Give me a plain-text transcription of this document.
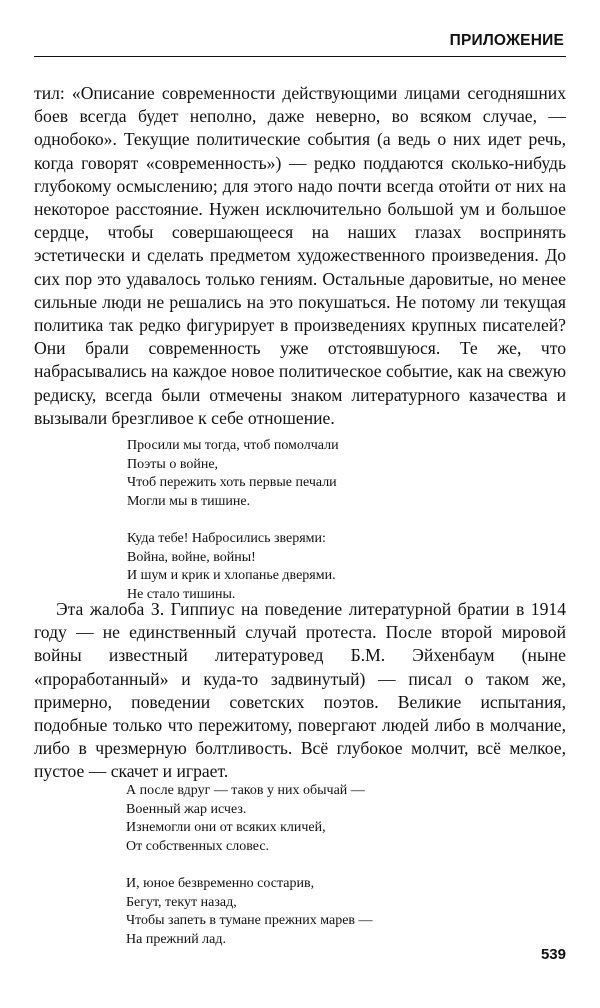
ПРИЛОЖЕНИЕ

тил: «Описание современности действующими лицами сегодняшних боев всегда будет неполно, даже неверно, во всяком случае, — однобоко». Текущие политические события (а ведь о них идет речь, когда говорят «современность») — редко поддаются сколько-нибудь глубокому осмыслению; для этого надо почти всегда отойти от них на некоторое расстояние. Нужен исключительно большой ум и большое сердце, чтобы совершающееся на наших глазах воспринять эстетически и сделать предметом художественного произведения. До сих пор это удавалось только гениям. Остальные даровитые, но менее сильные люди не решались на это покушаться. Не потому ли текущая политика так редко фигурирует в произведениях крупных писателей? Они брали современность уже отстоявшуюся. Те же, что набрасывались на каждое новое политическое событие, как на свежую редиску, всегда были отмечены знаком литературного казачества и вызывали брезгливое к себе отношение.

Просили мы тогда, чтоб помолчали
Поэты о войне,
Чтоб пережить хоть первые печали
Могли мы в тишине.
Куда тебе! Набросились зверями:
Война, войне, войны!
И шум и крик и хлопанье дверями.
Не стало тишины.

Эта жалоба З. Гиппиус на поведение литературной братии в 1914 году — не единственный случай протеста. После второй мировой войны известный литературовед Б.М. Эйхенбаум (ныне «проработанный» и куда-то задвинутый) — писал о таком же, примерно, поведении советских поэтов. Великие испытания, подобные только что пережитому, повергают людей либо в молчание, либо в чрезмерную болтливость. Всё глубокое молчит, всё мелкое, пустое — скачет и играет.

А после вдруг — таков у них обычай —
Военный жар исчез.
Изнемогли они от всяких кличей,
От собственных словес.
И, юное безвременно состарив,
Бегут, текут назад,
Чтобы запеть в тумане прежних марев —
На прежний лад.
539
